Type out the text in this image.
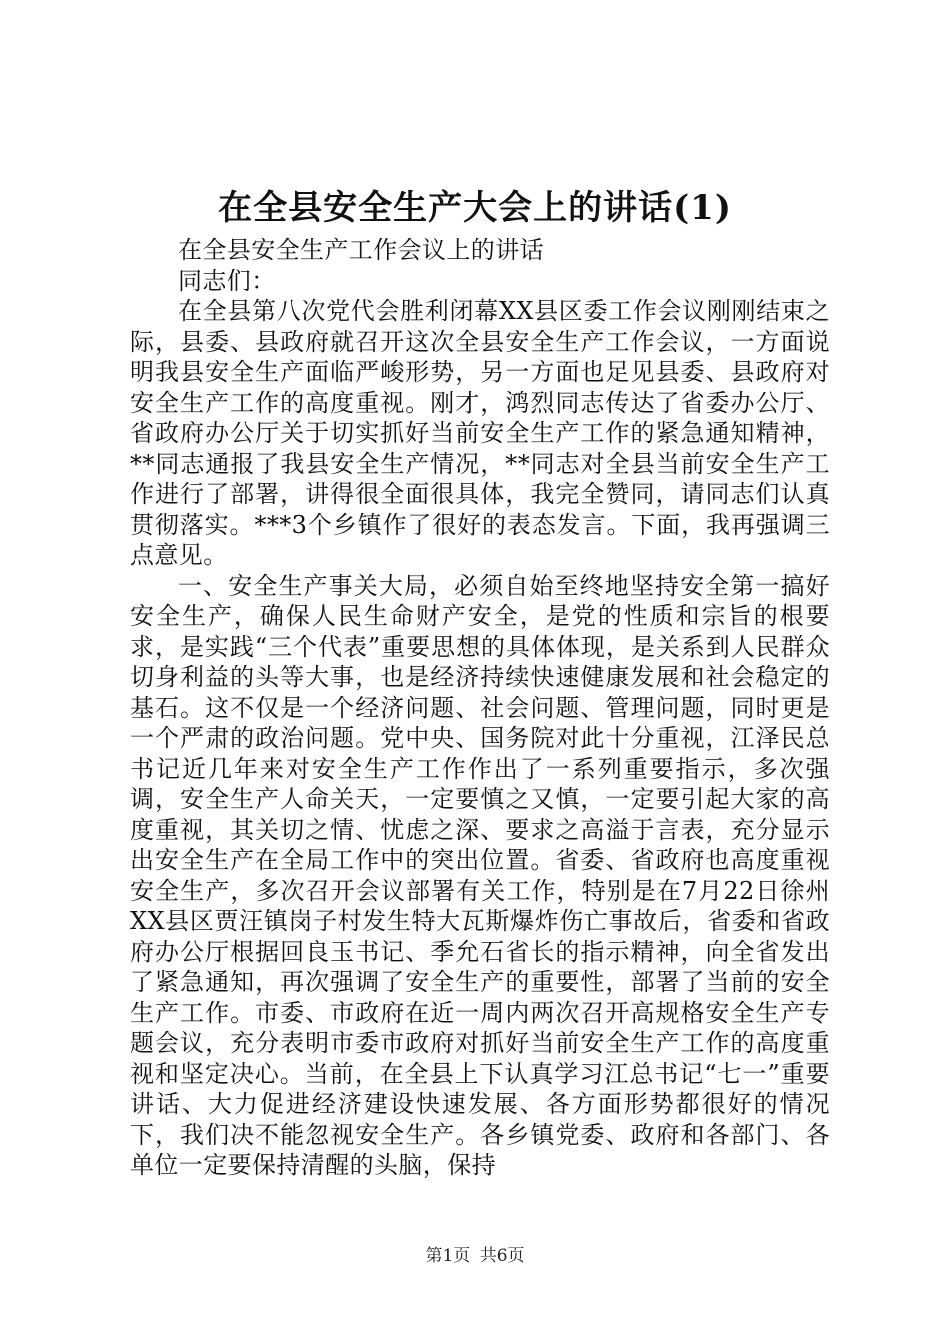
在全县安全生产大会上的讲话(1)

在全县安全生产工作会议上的讲话

同志们：

在全县第八次党代会胜利闭幕XX县区委工作会议刚刚结束之际，县委、县政府就召开这次全县安全生产工作会议，一方面说明我县安全生产面临严峻形势，另一方面也足见县委、县政府对安全生产工作的高度重视。刚才，鸿烈同志传达了省委办公厅、省政府办公厅关于切实抓好当前安全生产工作的紧急通知精神，**同志通报了我县安全生产情况，**同志对全县当前安全生产工作进行了部署，讲得很全面很具体，我完全赞同，请同志们认真贯彻落实。***3个乡镇作了很好的表态发言。下面，我再强调三点意见。

一、安全生产事关大局，必须自始至终地坚持安全第一搞好安全生产，确保人民生命财产安全，是党的性质和宗旨的根要求，是实践“三个代表”重要思想的具体体现，是关系到人民群众切身利益的头等大事，也是经济持续快速健康发展和社会稳定的基石。这不仅是一个经济问题、社会问题、管理问题，同时更是一个严肃的政治问题。党中央、国务院对此十分重视，江泽民总书记近几年来对安全生产工作作出了一系列重要指示，多次强调，安全生产人命关天，一定要慎之又慎，一定要引起大家的高度重视，其关切之情、忧虑之深、要求之高溢于言表，充分显示出安全生产在全局工作中的突出位置。省委、省政府也高度重视安全生产，多次召开会议部署有关工作，特别是在7月22日徐州XX县区贾汪镇岗子村发生特大瓦斯爆炸伤亡事故后，省委和省政府办公厅根据回良玉书记、季允石省长的指示精神，向全省发出了紧急通知，再次强调了安全生产的重要性，部署了当前的安全生产工作。市委、市政府在近一周内两次召开高规格安全生产专题会议，充分表明市委市政府对抓好当前安全生产工作的高度重视和坚定决心。当前，在全县上下认真学习江总书记“七一”重要讲话、大力促进经济建设快速发展、各方面形势都很好的情况下，我们决不能忽视安全生产。各乡镇党委、政府和各部门、各单位一定要保持清醒的头脑，保持

第1页 共6页
